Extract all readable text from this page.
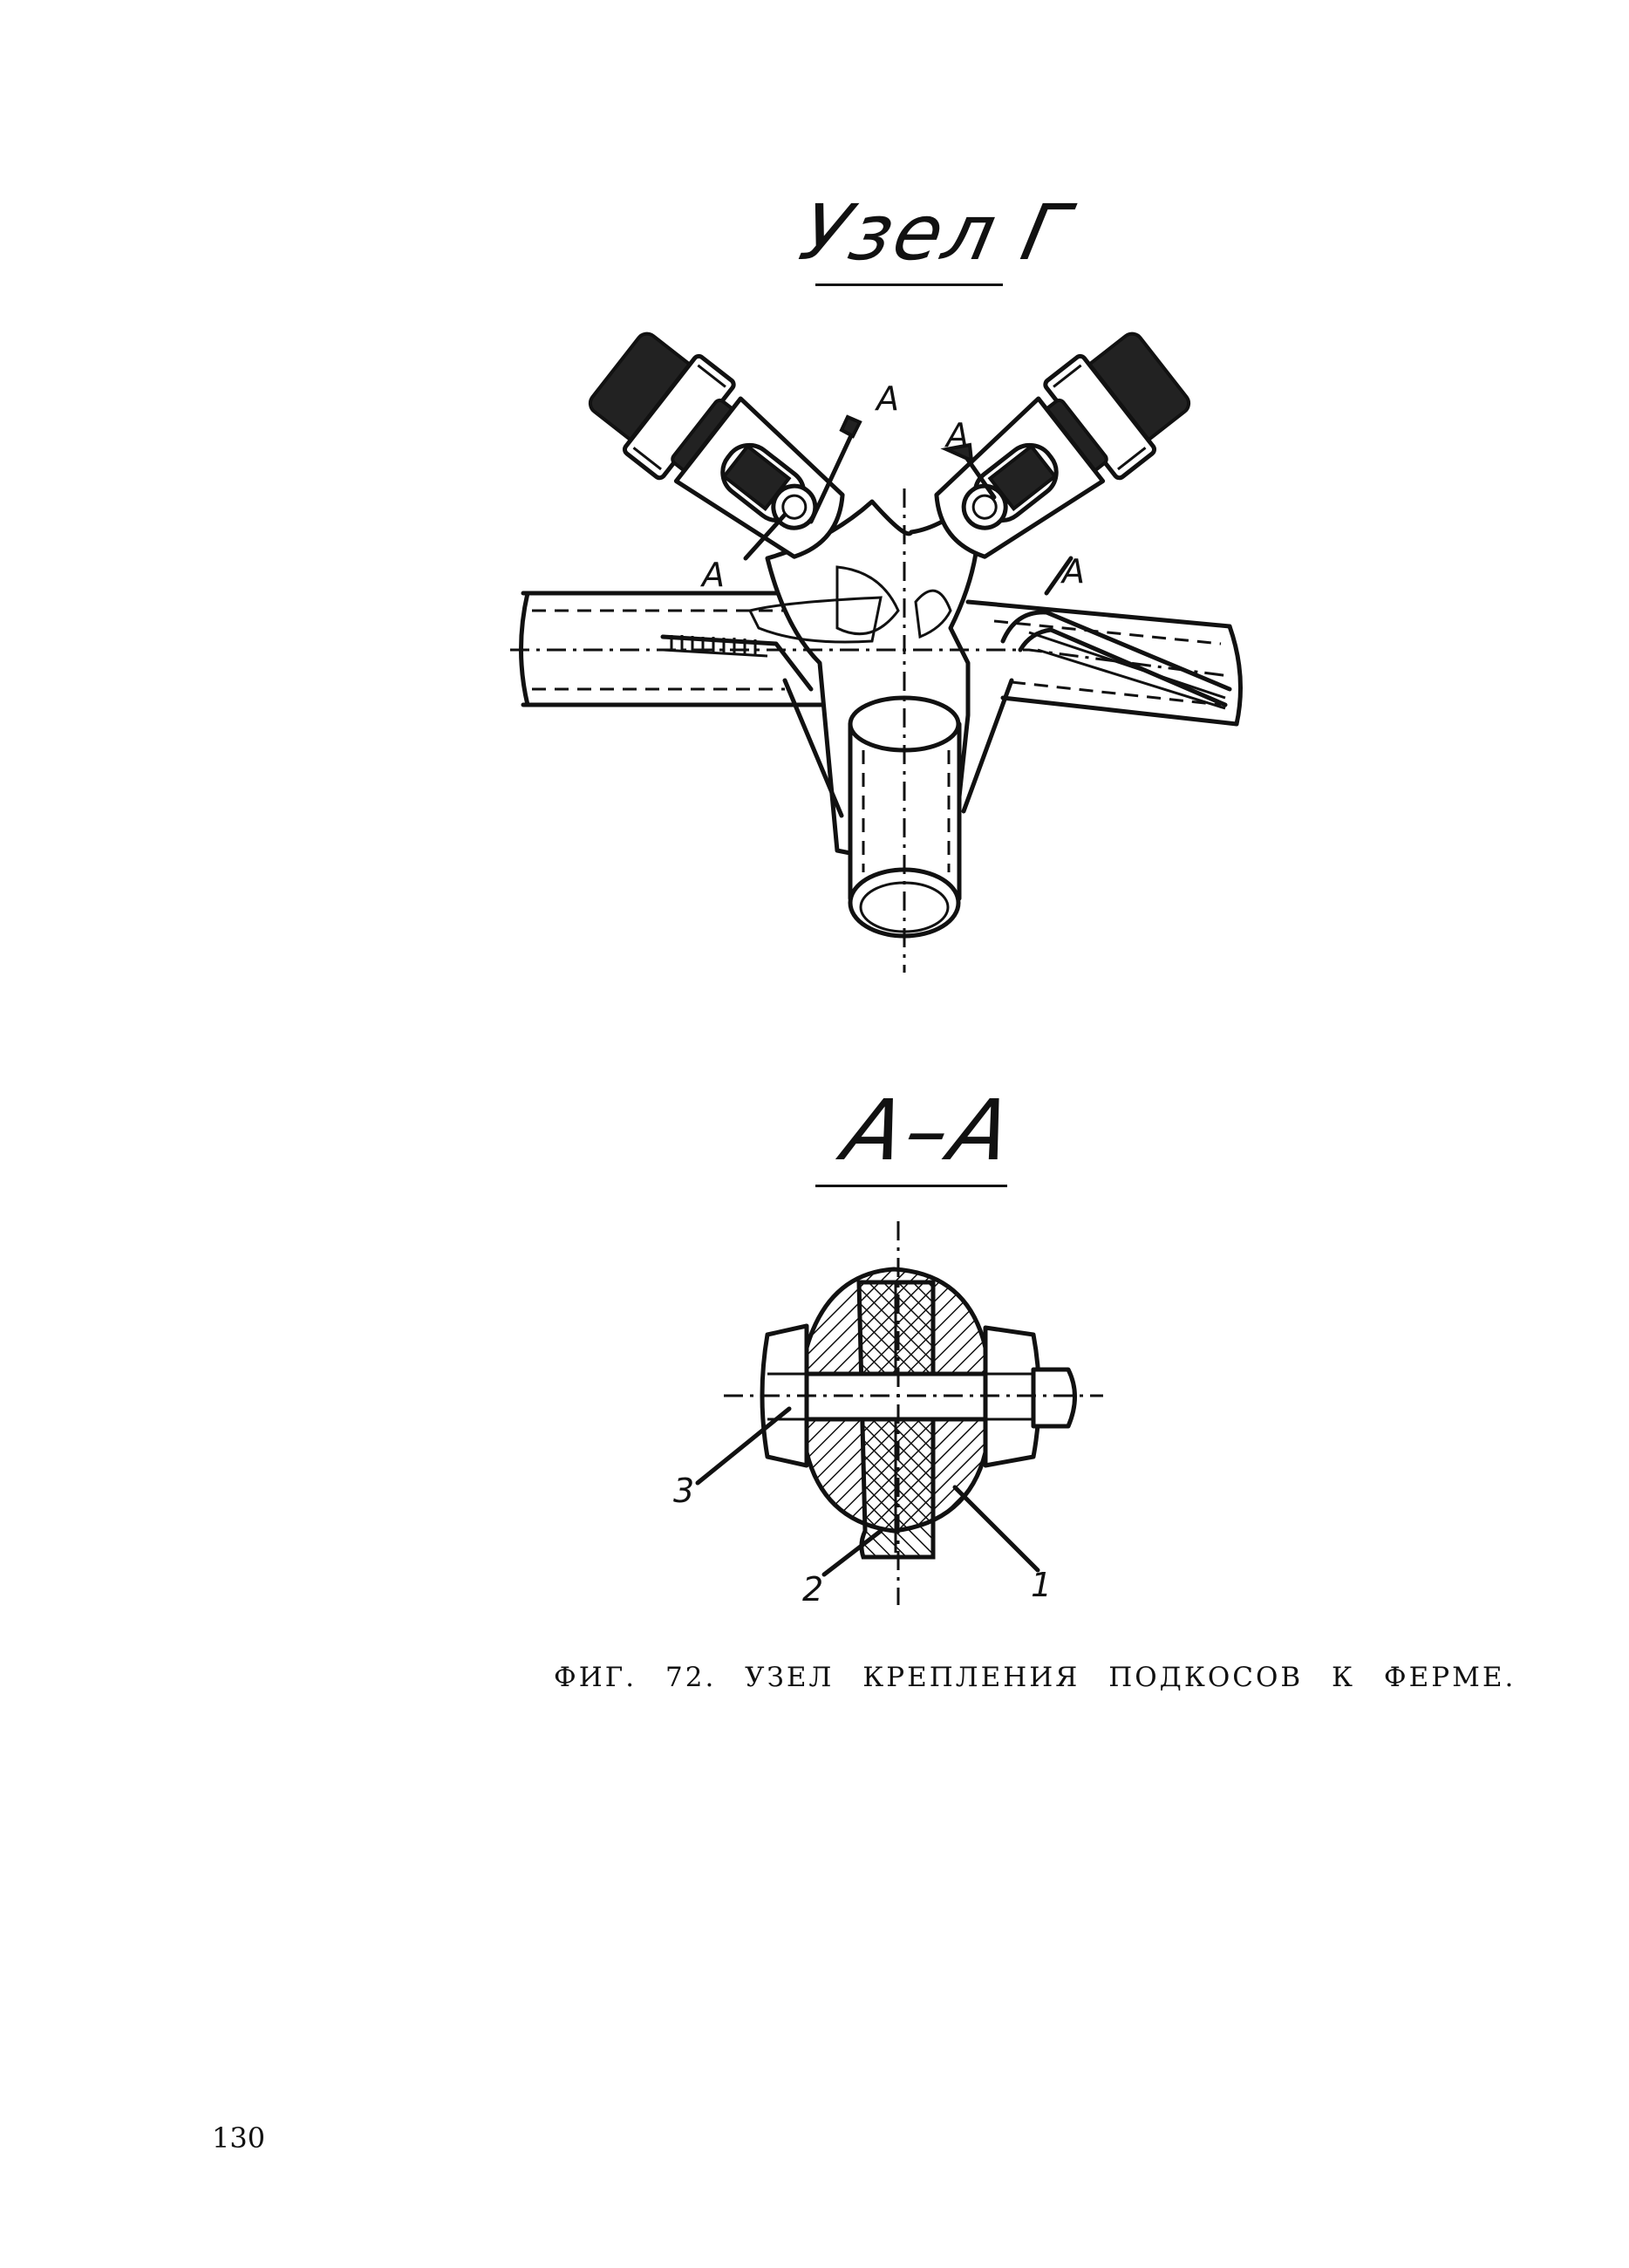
Узел Г
А–А
А
А
А
А
3
2	1
ФИГ. 72. УЗЕЛ КРЕПЛЕНИЯ ПОДКОСОВ К ФЕРМЕ.
130
